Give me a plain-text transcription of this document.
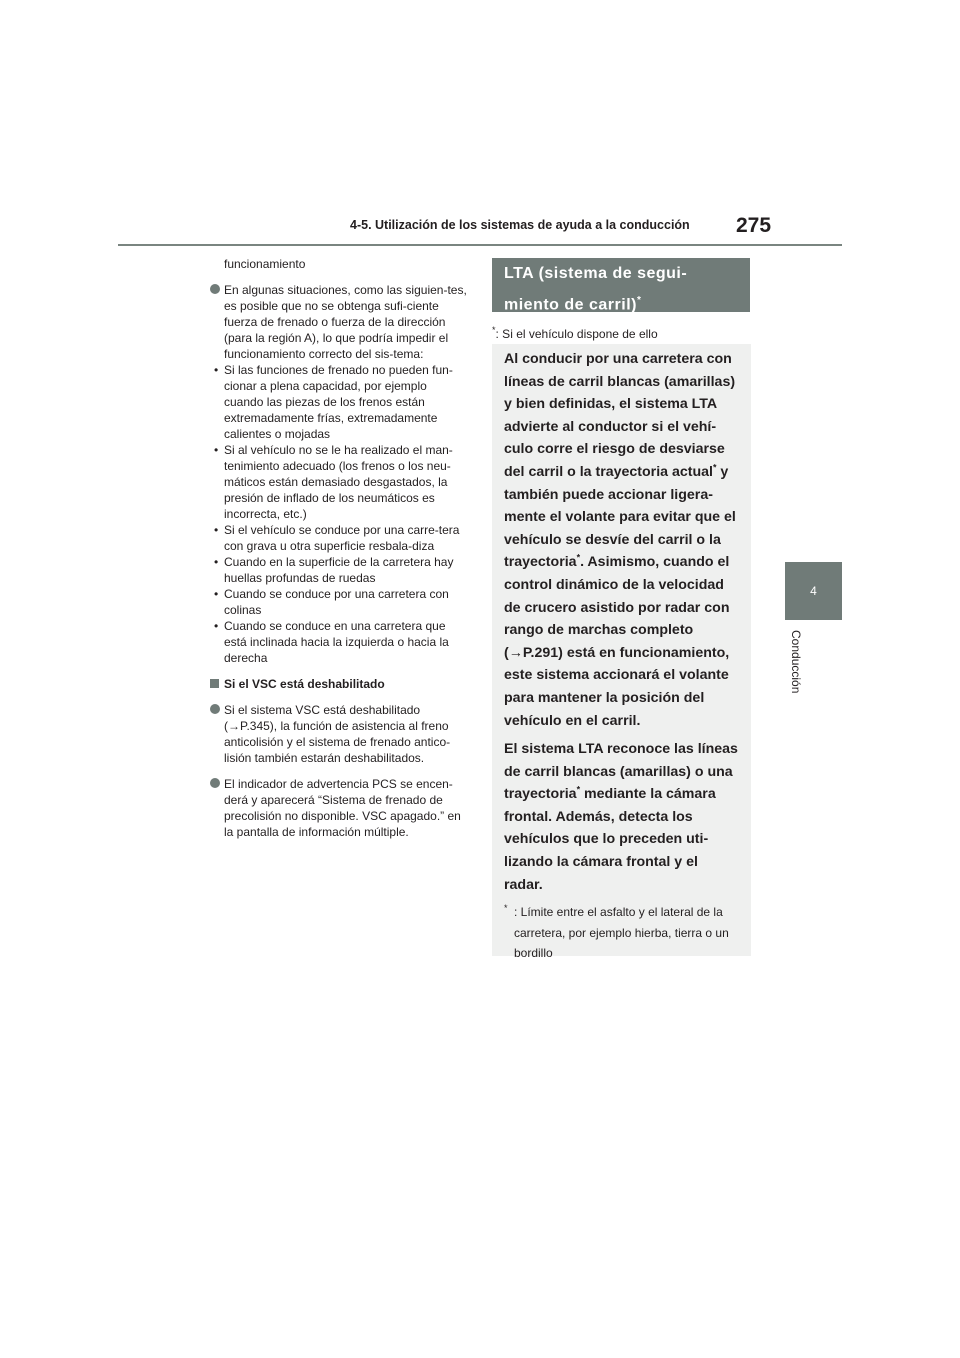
4-5. Utilización de los sistemas de ayuda a la conducción 275
4
Conducción

funcionamiento

En algunas situaciones, como las siguien-tes, es posible que no se obtenga sufi-ciente fuerza de frenado o fuerza de la dirección (para la región A), lo que podría impedir el funcionamiento correcto del sis-tema:

• Si las funciones de frenado no pueden fun-cionar a plena capacidad, por ejemplo cuando las piezas de los frenos están extremadamente frías, extremadamente calientes o mojadas

• Si al vehículo no se le ha realizado el man-tenimiento adecuado (los frenos o los neu-máticos están demasiado desgastados, la presión de inflado de los neumáticos es incorrecta, etc.)

• Si el vehículo se conduce por una carre-tera con grava u otra superficie resbala-diza

• Cuando en la superficie de la carretera hay huellas profundas de ruedas

• Cuando se conduce por una carretera con colinas

• Cuando se conduce en una carretera que está inclinada hacia la izquierda o hacia la derecha

Si el VSC está deshabilitado

Si el sistema VSC está deshabilitado (→P.345), la función de asistencia al freno anticolisión y el sistema de frenado antico-lisión también estarán deshabilitados.

El indicador de advertencia PCS se encen-derá y aparecerá “Sistema de frenado de precolisión no disponible. VSC apagado.” en la pantalla de información múltiple.

LTA (sistema de segui-
miento de carril)*
*: Si el vehículo dispone de ello

Al conducir por una carretera con líneas de carril blancas (amarillas) y bien definidas, el sistema LTA advierte al conductor si el vehí-culo corre el riesgo de desviarse del carril o la trayectoria actual* y también puede accionar ligera-mente el volante para evitar que el vehículo se desvíe del carril o la trayectoria*. Asimismo, cuando el control dinámico de la velocidad de crucero asistido por radar con rango de marchas completo (→P.291) está en funcionamiento, este sistema accionará el volante para mantener la posición del vehículo en el carril.

El sistema LTA reconoce las líneas de carril blancas (amarillas) o una trayectoria* mediante la cámara frontal. Además, detecta los vehículos que lo preceden uti-lizando la cámara frontal y el radar.

* : Límite entre el asfalto y el lateral de la carretera, por ejemplo hierba, tierra o un bordillo
